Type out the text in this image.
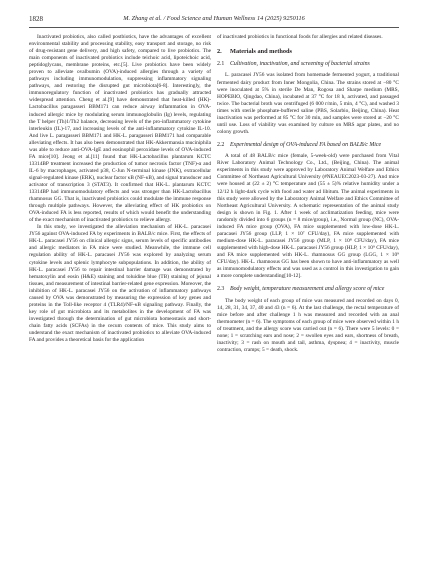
1828	M. Zhang et al. / Food Science and Human Wellness 14 (2025) 9250116

Inactivated probiotics, also called postbiotics, have the advantages of excellent environmental stability and processing stability, easy transport and storage, no risk of drug-resistant gene delivery, and high safety, compared to live probiotics. The main components of inactivated probiotics include teichoic acid, lipoteichoic acid, peptidoglycans, membrane proteins, etc.[5]. Live probiotics have been widely proven to alleviate ovalbumin (OVA)-induced allergies through a variety of pathways including immunomodulation, suppressing inflammatory signaling pathways, and restoring the disrupted gut microbiota[6-8]. Interestingly, the immunoregulatory function of inactivated probiotics has gradually attracted widespread attention. Cheng et al.[9] have demonstrated that heat-killed (HK)-Lactobacillus paragasseri BBM171 can reduce airway inflammation in OVA-induced allergic mice by modulating serum immunoglobulin (Ig) levels, regulating the T helper (Th)1/Th2 balance, decreasing levels of the pro-inflammatory cytokine interleukin (IL)-17, and increasing levels of the anti-inflammatory cytokine IL-10. And live L. paragasseri BBM171 and HK-L. paragasseri BBM171 had comparable alleviating effects. It has also been demonstrated that HK-Akkermansia muciniphila was able to reduce anti-OVA-IgE and eosinophil peroxidase levels of OVA-induced FA mice[10]. Jeong et al.[11] found that HK-Lactobacillus plantarum KCTC 13314BP treatment increased the production of tumor necrosis factor (TNF)-α and IL-6 by macrophages, activated p38, C-Jun N-terminal kinase (JNK), extracellular signal-regulated kinase (ERK), nuclear factor κB (NF-κB), and signal transducer and activator of transcription 3 (STAT3). It confirmed that HK-L. plantarum KCTC 13314BP had immunomodulatory effects and was stronger than HK-Lactobacillus rhamnosus GG. That is, inactivated probiotics could modulate the immune response through multiple pathways. However, the alleviating effect of HK probiotics on OVA-induced FA is less reported, results of which would benefit the understanding of the exact mechanism of inactivated probiotics to relieve allergy.

In this study, we investigated the alleviation mechanism of HK-L. paracasei JY56 against OVA-induced FA by experiments in BALB/c mice. First, the effects of HK-L. paracasei JY56 on clinical allergic signs, serum levels of specific antibodies and allergic mediators in FA mice were studied. Meanwhile, the immune cell regulation ability of HK-L. paracasei JY56 was explored by analyzing serum cytokine levels and splenic lymphocyte subpopulations. In addition, the ability of HK-L. paracasei JY56 to repair intestinal barrier damage was demonstrated by hematoxylin and eosin (H&E) staining and toluidine blue (TB) staining of jejunal tissues, and measurement of intestinal barrier-related gene expression. Moreover, the inhibition of HK-L. paracasei JY56 on the activation of inflammatory pathways caused by OVA was demonstrated by measuring the expression of key genes and proteins in the Toll-like receptor 4 (TLR4)/NF-κB signaling pathway. Finally, the key role of gut microbiota and its metabolites in the development of FA was investigated through the determination of gut microbiota homeostasis and short-chain fatty acids (SCFAs) in the cecum contents of mice. This study aims to understand the exact mechanism of inactivated probiotics to alleviate OVA-induced FA and provides a theoretical basis for the application

of inactivated probiotics in functional foods for allergies and related diseases.

2. Materials and methods
2.1 Cultivation, inactivation, and screening of bacterial strains

L. paracasei JY56 was isolated from homemade fermented yogurt, a traditional fermented dairy product from Inner Mongolia, China. The strains stored at −80 °C were inoculated at 5% in sterile De Man, Rogosa and Sharpe medium (MRS, HOPEBIO, Qingdao, China), incubated at 37 °C for 18 h, activated, and passaged twice. The bacterial broth was centrifuged (6 000 r/min, 5 min, 4 °C), and washed 3 times with sterile phosphate-buffered saline (PBS, Solarbio, Beijing, China). Heat inactivation was performed at 85 °C for 30 min, and samples were stored at −20 °C until use. Loss of viability was examined by culture on MRS agar plates, and no colony growth.

2.2 Experimental design of OVA-induced FA based on BALB/c Mice

A total of 48 BALB/c mice (female, 5-week-old) were purchased from Vital River Laboratory Animal Technology Co., Ltd., (Beijing, China). The animal experiments in this study were approved by Laboratory Animal Welfare and Ethics Committee of Northeast Agricultural University (#NEAUEC2023-03-27). And mice were housed at (22 ± 2) °C temperature and (55 ± 5)% relative humidity under a 12/12 h light-dark cycle with food and water ad libitum. The animal experiments in this study were allowed by the Laboratory Animal Welfare and Ethics Committee of Northeast Agricultural University. A schematic representation of the animal study design is shown in Fig. 1. After 1 week of acclimatization feeding, mice were randomly divided into 6 groups (n = 8 mice/group), i.e., Normal group (NC), OVA-induced FA mice group (OVA), FA mice supplemented with low-dose HK-L. paracasei JY56 group (LLP, 1 × 10⁷ CFU/day), FA mice supplemented with medium-dose HK-L. paracasei JY56 group (MLP, 1 × 10⁸ CFU/day), FA mice supplemented with high-dose HK-L. paracasei JY56 group (HLP, 1 × 10⁹ CFU/day), and FA mice supplemented with HK-L. rhamnosus GG group (LGG, 1 × 10⁹ CFU/day). HK-L. rhamnosus GG has been shown to have anti-inflammatory as well as immunomodulatory effects and was used as a control in this investigation to gain a more complete understanding[10-12].

2.3 Body weight, temperature measurement and allergy score of mice

The body weight of each group of mice was measured and recorded on days 0, 14, 28, 31, 34, 37, 40 and 43 (n = 6). At the last challenge, the rectal temperature of mice before and after challenge 1 h was measured and recorded with an anal thermometer (n = 6). The symptoms of each group of mice were observed within 1 h of treatment, and the allergy score was carried out (n = 6). There were 5 levels: 0 = none; 1 = scratching ears and nose; 2 = swollen eyes and ears, shortness of breath, inactivity; 3 = rash on mouth and tail, asthma, dyspnea; 4 = inactivity, muscle contraction, cramps; 5 = death, shock.
